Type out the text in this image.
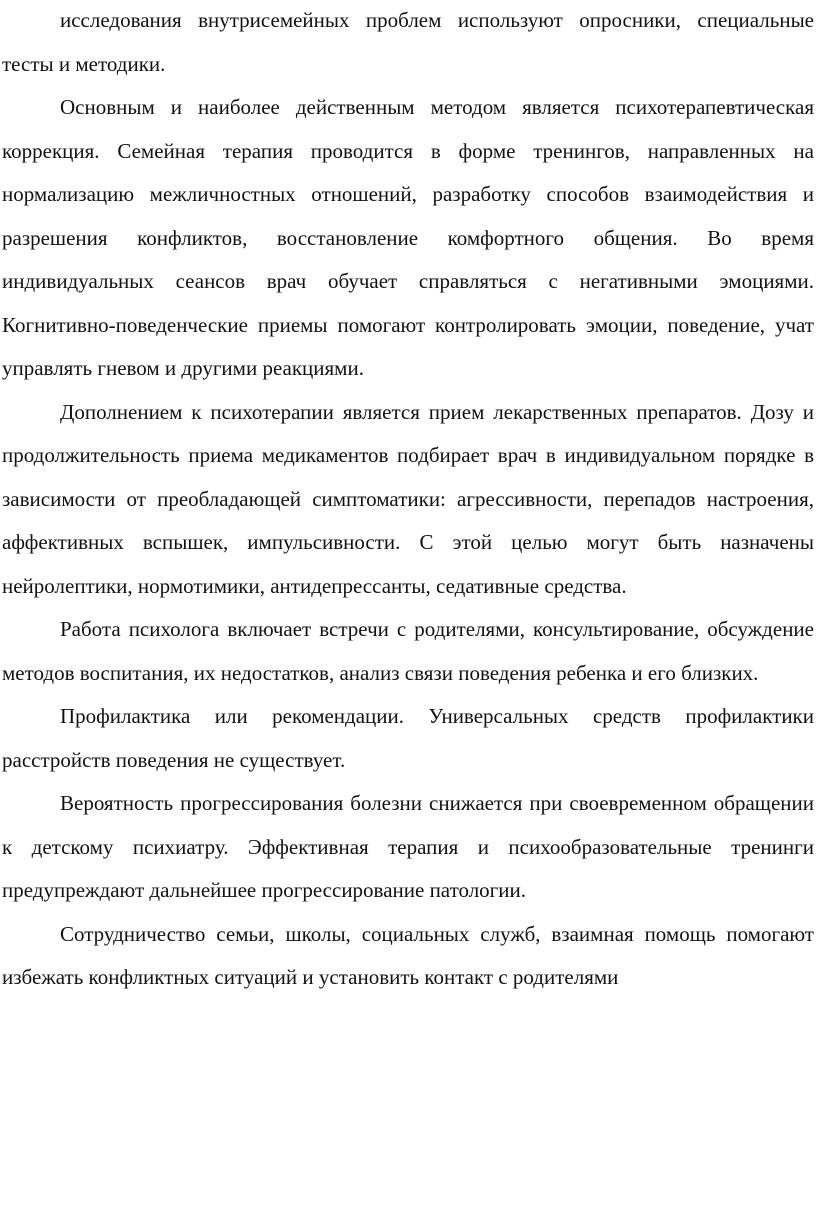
исследования внутрисемейных проблем используют опросники, специальные тесты и методики.

Основным и наиболее действенным методом является психотерапевтическая коррекция. Семейная терапия проводится в форме тренингов, направленных на нормализацию межличностных отношений, разработку способов взаимодействия и разрешения конфликтов, восстановление комфортного общения. Во время индивидуальных сеансов врач обучает справляться с негативными эмоциями. Когнитивно-поведенческие приемы помогают контролировать эмоции, поведение, учат управлять гневом и другими реакциями.

Дополнением к психотерапии является прием лекарственных препаратов. Дозу и продолжительность приема медикаментов подбирает врач в индивидуальном порядке в зависимости от преобладающей симптоматики: агрессивности, перепадов настроения, аффективных вспышек, импульсивности. С этой целью могут быть назначены нейролептики, нормотимики, антидепрессанты, седативные средства.

Работа психолога включает встречи с родителями, консультирование, обсуждение методов воспитания, их недостатков, анализ связи поведения ребенка и его близких.

Профилактика или рекомендации. Универсальных средств профилактики расстройств поведения не существует.

Вероятность прогрессирования болезни снижается при своевременном обращении к детскому психиатру. Эффективная терапия и психообразовательные тренинги предупреждают дальнейшее прогрессирование патологии.

Сотрудничество семьи, школы, социальных служб, взаимная помощь помогают избежать конфликтных ситуаций и установить контакт с родителями
